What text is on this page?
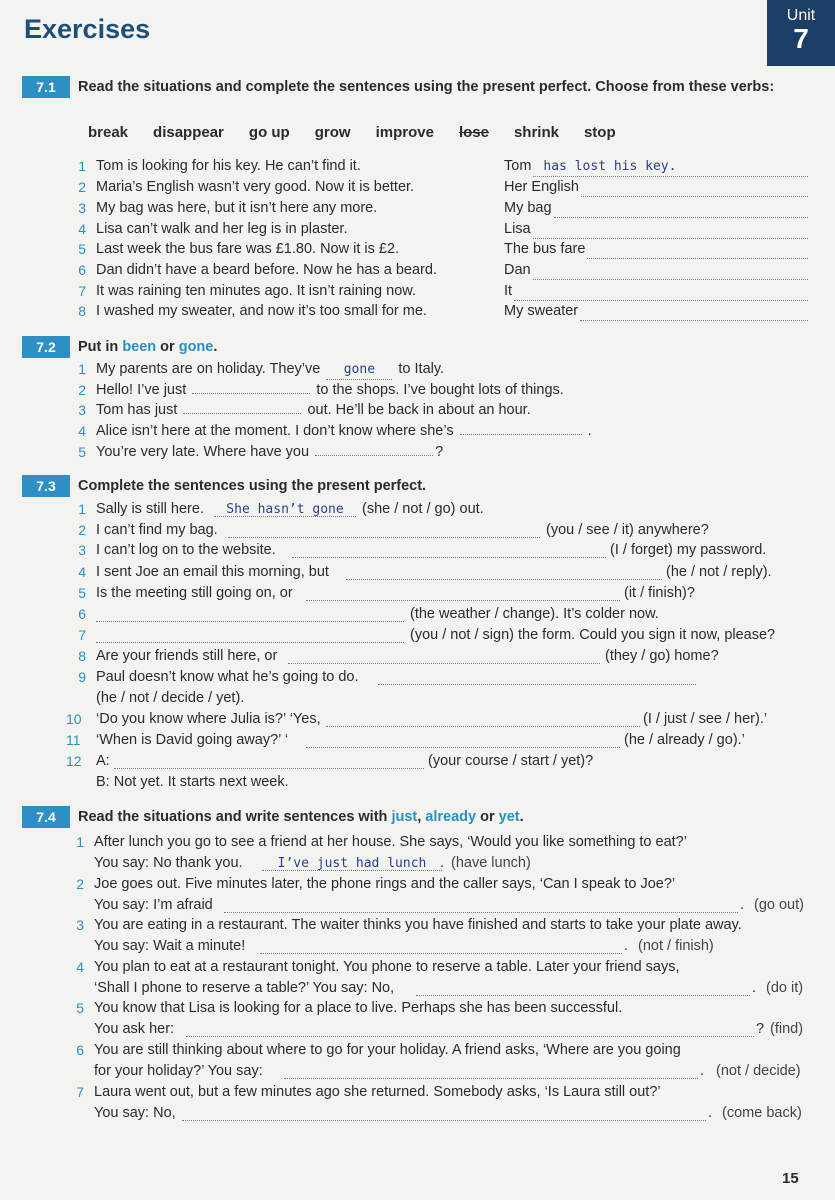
Exercises	Unit
7
7.1	Read the situations and complete the sentences using the present perfect. Choose from these verbs:
break disappear go up grow improve lose shrink stop
1 Tom is looking for his key. He can’t find it.	Tom has lost his key.
2 Maria’s English wasn’t very good. Now it is better.	Her English
3 My bag was here, but it isn’t here any more.	My bag
4 Lisa can’t walk and her leg is in plaster.	Lisa
5 Last week the bus fare was £1.80. Now it is £2.	The bus fare
6 Dan didn’t have a beard before. Now he has a beard.	Dan
7 It was raining ten minutes ago. It isn’t raining now.	It
8 I washed my sweater, and now it’s too small for me.	My sweater
7.2	Put in been or gone.
1 My parents are on holiday. They’ve gone to Italy.
2 Hello! I’ve just	to the shops. I’ve bought lots of things.
3 Tom has just	out. He’ll be back in about an hour.
4 Alice isn’t here at the moment. I don’t know where she’s	.
5 You’re very late. Where have you	?
7.3	Complete the sentences using the present perfect.
1 Sally is still here.	She hasn’t gone	(she / not / go) out.
2 I can’t find my bag.	(you / see / it) anywhere?
3 I can’t log on to the website.	(I / forget) my password.
4 I sent Joe an email this morning, but	(he / not / reply).
5 Is the meeting still going on, or	(it / finish)?
6	(the weather / change). It’s colder now.
7	(you / not / sign) the form. Could you sign it now, please?
8 Are your friends still here, or	(they / go) home?
9 Paul doesn’t know what he’s going to do.
10 ‘Do you know where Julia is?’ ‘Yes,	(I / just / see / her).’
11 ‘When is David going away?’ ‘	(he / already / go).’
12 A:	(your course / start / yet)?
(he / not / decide / yet).
B: Not yet. It starts next week.
7.4	Read the situations and write sentences with just, already or yet.
1 After lunch you go to see a friend at her house. She says, ‘Would you like something to eat?’
You say: No thank you.	I’ve just had lunch . (have lunch)
2 Joe goes out. Five minutes later, the phone rings and the caller says, ‘Can I speak to Joe?’
You say: I’m afraid	. (go out)
3 You are eating in a restaurant. The waiter thinks you have finished and starts to take your plate away.
You say: Wait a minute!	. (not / finish)
4 You plan to eat at a restaurant tonight. You phone to reserve a table. Later your friend says,
‘Shall I phone to reserve a table?’ You say: No,	. (do it)
5 You know that Lisa is looking for a place to live. Perhaps she has been successful.
You ask her:	? (find)
6 You are still thinking about where to go for your holiday. A friend asks, ‘Where are you going
for your holiday?’ You say:	. (not / decide)
7 Laura went out, but a few minutes ago she returned. Somebody asks, ‘Is Laura still out?’
You say: No,	. (come back)
15
